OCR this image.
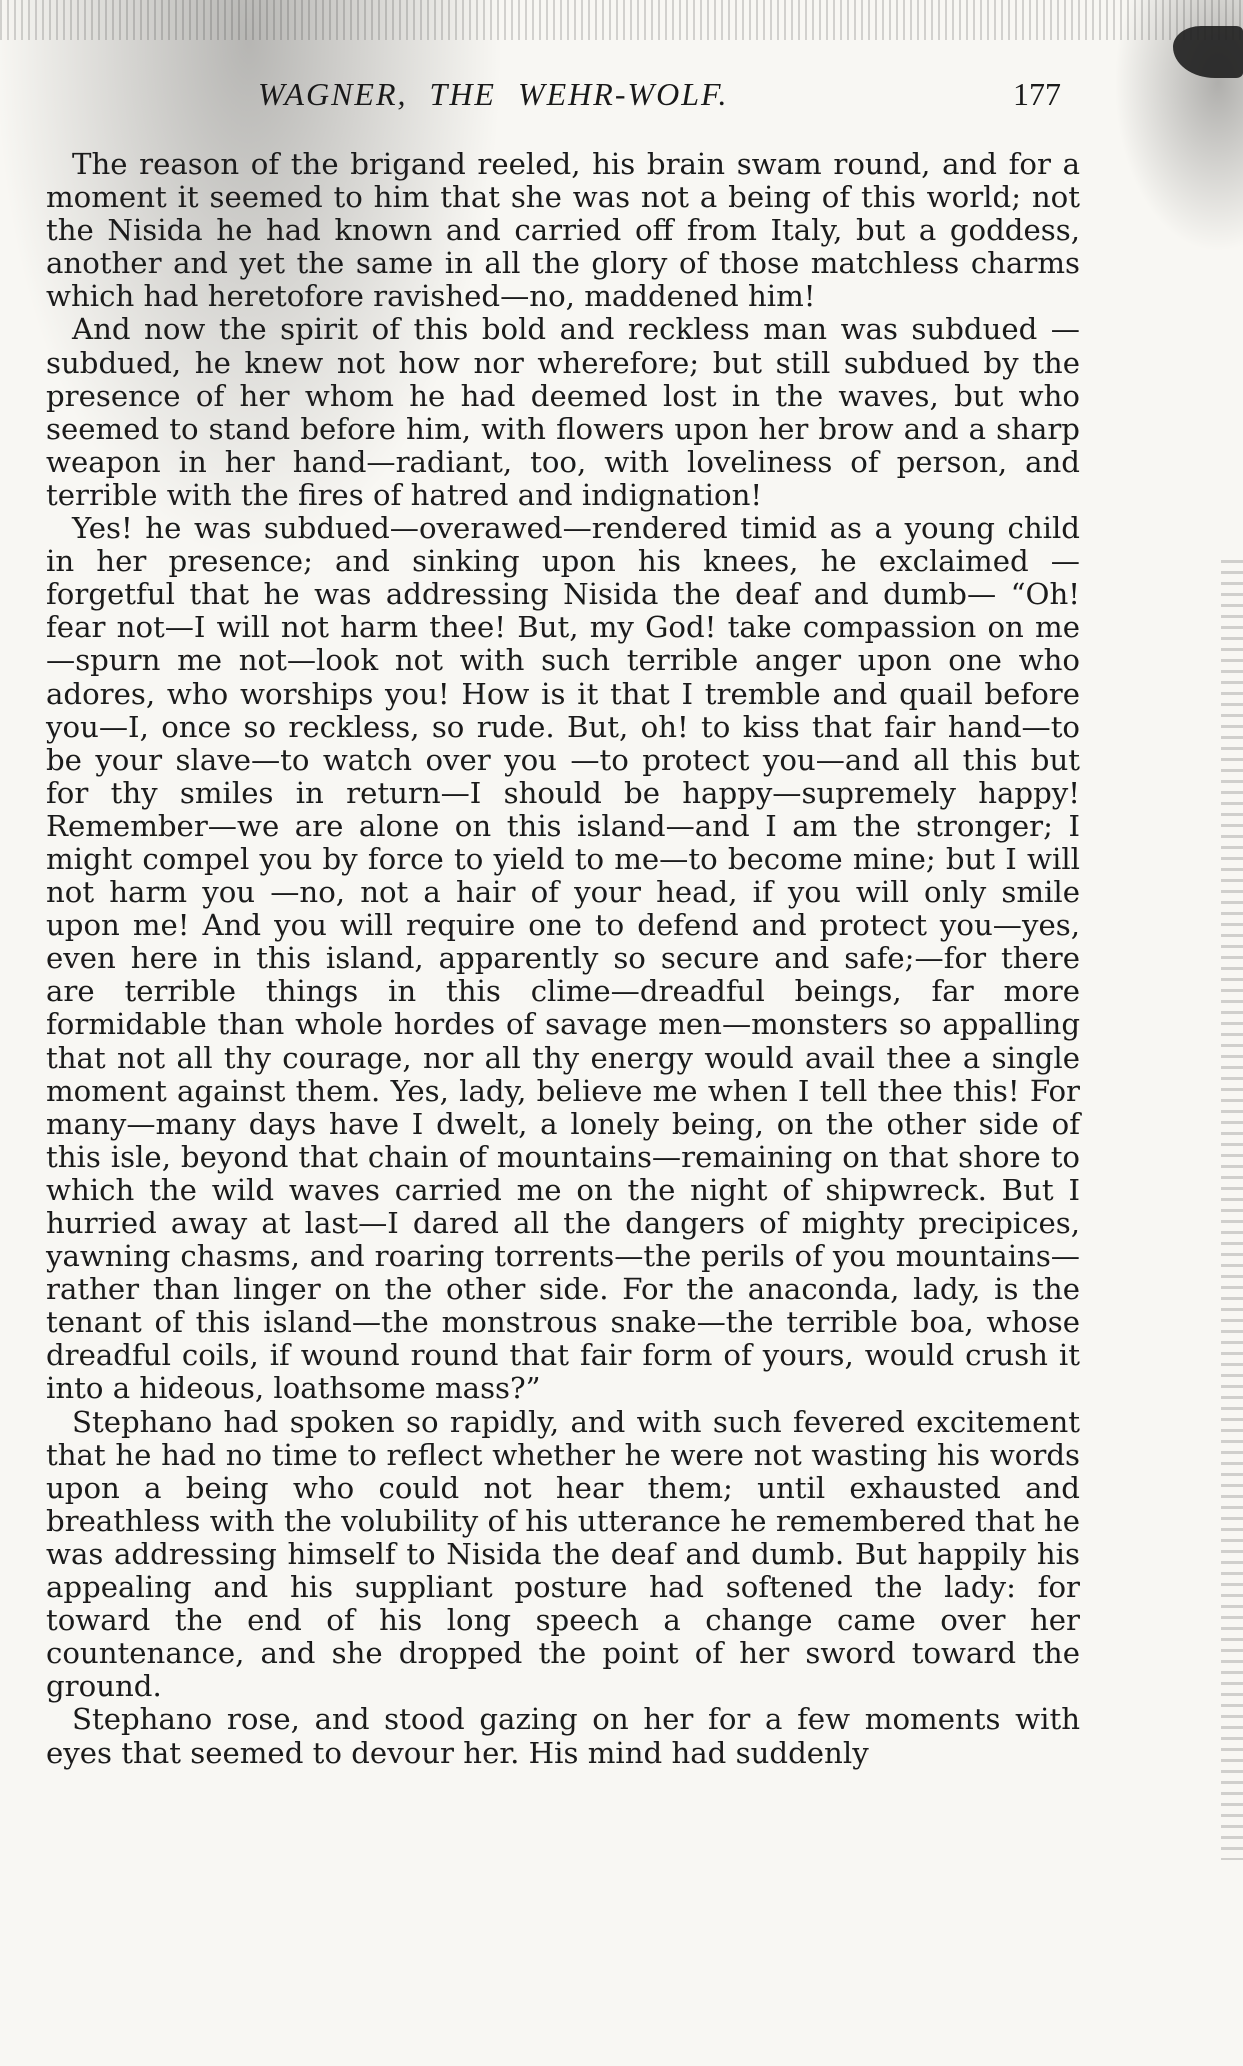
WAGNER, THE WEHR-WOLF.	177

The reason of the brigand reeled, his brain swam round, and for a moment it seemed to him that she was not a being of this world; not the Nisida he had known and carried off from Italy, but a goddess, another and yet the same in all the glory of those matchless charms which had heretofore ravished—no, maddened him!

And now the spirit of this bold and reckless man was subdued —subdued, he knew not how nor wherefore; but still subdued by the presence of her whom he had deemed lost in the waves, but who seemed to stand before him, with flowers upon her brow and a sharp weapon in her hand—radiant, too, with loveliness of person, and terrible with the fires of hatred and indignation!

Yes! he was subdued—overawed—rendered timid as a young child in her presence; and sinking upon his knees, he exclaimed —forgetful that he was addressing Nisida the deaf and dumb— “Oh! fear not—I will not harm thee! But, my God! take compassion on me—spurn me not—look not with such terrible anger upon one who adores, who worships you! How is it that I tremble and quail before you—I, once so reckless, so rude. But, oh! to kiss that fair hand—to be your slave—to watch over you —to protect you—and all this but for thy smiles in return—I should be happy—supremely happy! Remember—we are alone on this island—and I am the stronger; I might compel you by force to yield to me—to become mine; but I will not harm you —no, not a hair of your head, if you will only smile upon me! And you will require one to defend and protect you—yes, even here in this island, apparently so secure and safe;—for there are terrible things in this clime—dreadful beings, far more formidable than whole hordes of savage men—monsters so appalling that not all thy courage, nor all thy energy would avail thee a single moment against them. Yes, lady, believe me when I tell thee this! For many—many days have I dwelt, a lonely being, on the other side of this isle, beyond that chain of mountains—remaining on that shore to which the wild waves carried me on the night of shipwreck. But I hurried away at last—I dared all the dangers of mighty precipices, yawning chasms, and roaring torrents—the perils of you mountains—rather than linger on the other side. For the anaconda, lady, is the tenant of this island—the monstrous snake—the terrible boa, whose dreadful coils, if wound round that fair form of yours, would crush it into a hideous, loathsome mass?”

Stephano had spoken so rapidly, and with such fevered excitement that he had no time to reflect whether he were not wasting his words upon a being who could not hear them; until exhausted and breathless with the volubility of his utterance he remembered that he was addressing himself to Nisida the deaf and dumb. But happily his appealing and his suppliant posture had softened the lady: for toward the end of his long speech a change came over her countenance, and she dropped the point of her sword toward the ground.

Stephano rose, and stood gazing on her for a few moments with eyes that seemed to devour her. His mind had suddenly
